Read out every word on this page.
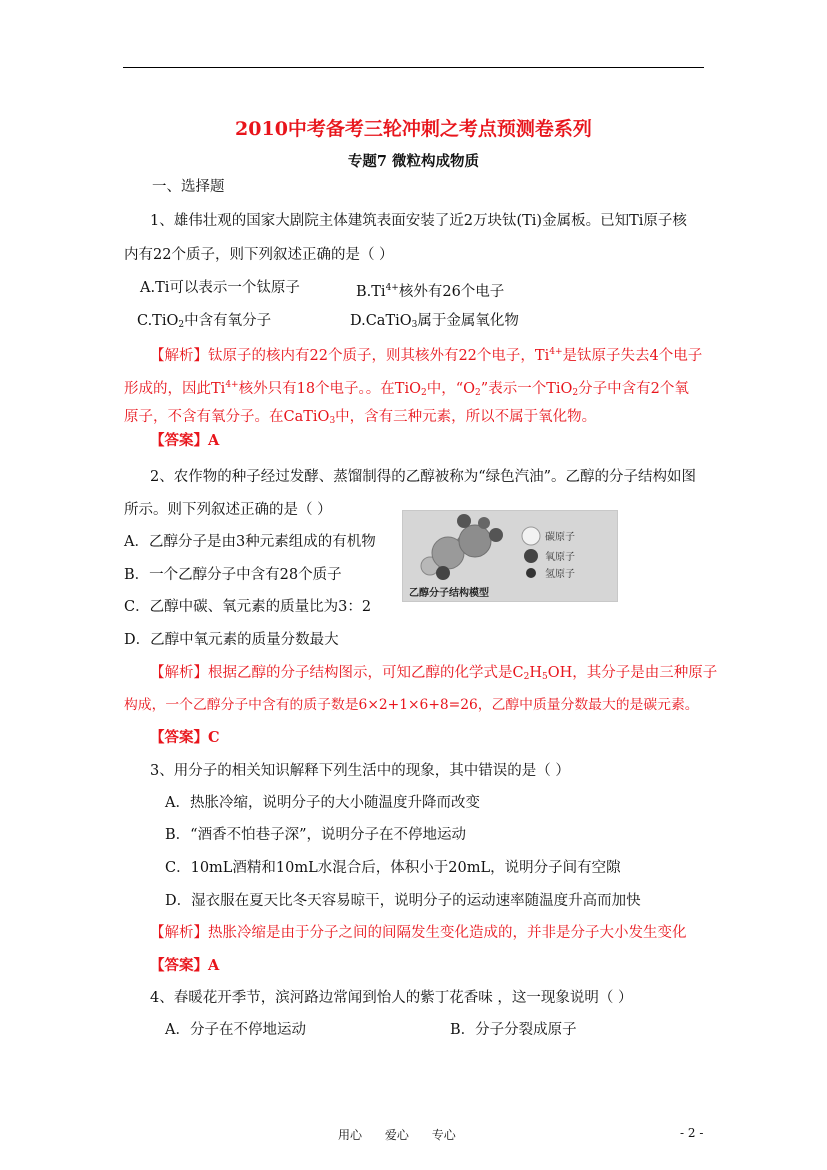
2010中考备考三轮冲刺之考点预测卷系列
专题7 微粒构成物质
一、选择题
1、雄伟壮观的国家大剧院主体建筑表面安装了近2万块钛(Ti)金属板。已知Ti原子核
内有22个质子，则下列叙述正确的是（ ）
A.Ti可以表示一个钛原子	$B.Ti^{4+}$核外有26个电子
C.TiO$_2$中含有氧分子	D.CaTiO$_3$属于金属氧化物
【解析】钛原子的核内有22个质子，则其核外有22个电子，$Ti^{4+}$是钛原子失去4个电子
形成的，因此$Ti^{4+}$核外只有18个电子。。在TiO$_2$中，“$O_2$”表示一个TiO$_2$分子中含有2个氧
原子，不含有氧分子。在CaTiO$_3$中，含有三种元素，所以不属于氧化物。
【答案】A
2、农作物的种子经过发酵、蒸馏制得的乙醇被称为“绿色汽油”。乙醇的分子结构如图
所示。则下列叙述正确的是（ ）
A．乙醇分子是由3种元素组成的有机物
B．一个乙醇分子中含有28个质子
C．乙醇中碳、氧元素的质量比为3：2
D．乙醇中氧元素的质量分数最大
碳原子
氧原子
氢原子
乙醇分子结构模型
【解析】根据乙醇的分子结构图示，可知乙醇的化学式是$C_2H_5OH$，其分子是由三种原子
构成，一个乙醇分子中含有的质子数是6×2+1×6+8=26，乙醇中质量分数最大的是碳元素。
【答案】C
3、用分子的相关知识解释下列生活中的现象，其中错误的是（ ）
A．热胀冷缩，说明分子的大小随温度升降而改变
B．“酒香不怕巷子深”，说明分子在不停地运动
C．10mL酒精和10mL水混合后，体积小于20mL，说明分子间有空隙
D．湿衣服在夏天比冬天容易晾干，说明分子的运动速率随温度升高而加快
【解析】热胀冷缩是由于分子之间的间隔发生变化造成的，并非是分子大小发生变化
【答案】A
4、春暖花开季节，滨河路边常闻到怡人的紫丁花香味 ，这一现象说明（ ）
A．分子在不停地运动	B．分子分裂成原子
用心      爱心      专心	- 2 -
